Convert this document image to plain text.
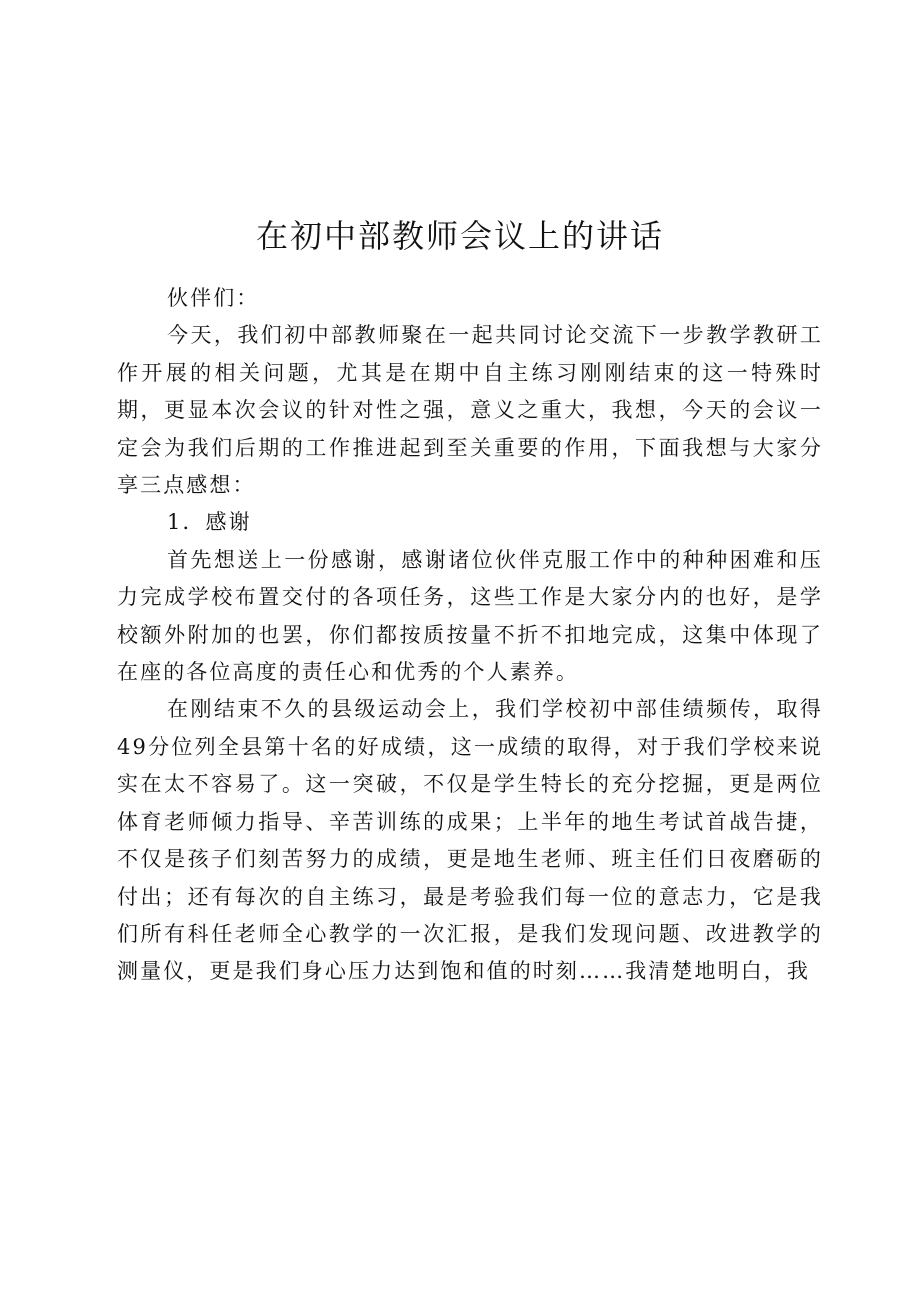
在初中部教师会议上的讲话

伙伴们：

今天，我们初中部教师聚在一起共同讨论交流下一步教学教研工作开展的相关问题，尤其是在期中自主练习刚刚结束的这一特殊时期，更显本次会议的针对性之强，意义之重大，我想，今天的会议一定会为我们后期的工作推进起到至关重要的作用，下面我想与大家分享三点感想：

1．感谢

首先想送上一份感谢，感谢诸位伙伴克服工作中的种种困难和压力完成学校布置交付的各项任务，这些工作是大家分内的也好，是学校额外附加的也罢，你们都按质按量不折不扣地完成，这集中体现了在座的各位高度的责任心和优秀的个人素养。

在刚结束不久的县级运动会上，我们学校初中部佳绩频传，取得49分位列全县第十名的好成绩，这一成绩的取得，对于我们学校来说实在太不容易了。这一突破，不仅是学生特长的充分挖掘，更是两位体育老师倾力指导、辛苦训练的成果；上半年的地生考试首战告捷，不仅是孩子们刻苦努力的成绩，更是地生老师、班主任们日夜磨砺的付出；还有每次的自主练习，最是考验我们每一位的意志力，它是我们所有科任老师全心教学的一次汇报，是我们发现问题、改进教学的测量仪，更是我们身心压力达到饱和值的时刻……我清楚地明白，我
